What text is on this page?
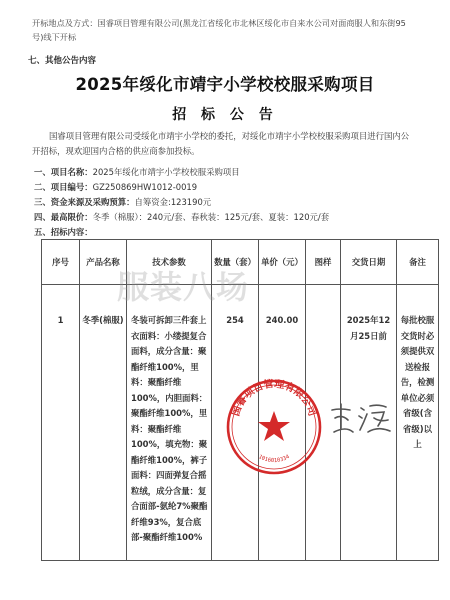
开标地点及方式：国睿项目管理有限公司(黑龙江省绥化市北林区绥化市自来水公司对面商服人和东街95号)线下开标
七、其他公告内容
2025年绥化市靖宇小学校校服采购项目
招 标 公 告
国睿项目管理有限公司受绥化市靖宇小学校的委托，对绥化市靖宇小学校校服采购项目进行国内公开招标，现欢迎国内合格的供应商参加投标。
一、项目名称：2025年绥化市靖宇小学校校服采购项目
二、项目编号：GZ250869HW1012-0019
三、资金来源及采购预算：自筹资金:123190元
四、最高限价：冬季（棉服）：240元/套、春秋装：125元/套、夏装：120元/套
五、招标内容：
序号	产品名称	技术参数	数量（套）	单价（元）	图样	交货日期	备注
1	冬季(棉服)	冬装可拆卸三件套上衣面料：小缕提复合面料，成分含量：聚酯纤维100%，里料：聚酯纤维100%，内胆面料：聚酯纤维100%，里料：聚酯纤维100%，填充物：聚酯纤维100%，裤子面料：四面弹复合摇粒绒，成分含量：复合面部-氨纶7%聚酯纤维93%，复合底部-聚酯纤维100%	254	240.00		2025年12月25日前	每批校服交货时必须提供双送检报告，检测单位必须省级(含省级)以上
服装八场
国睿项目管理有限公司
1016010334
